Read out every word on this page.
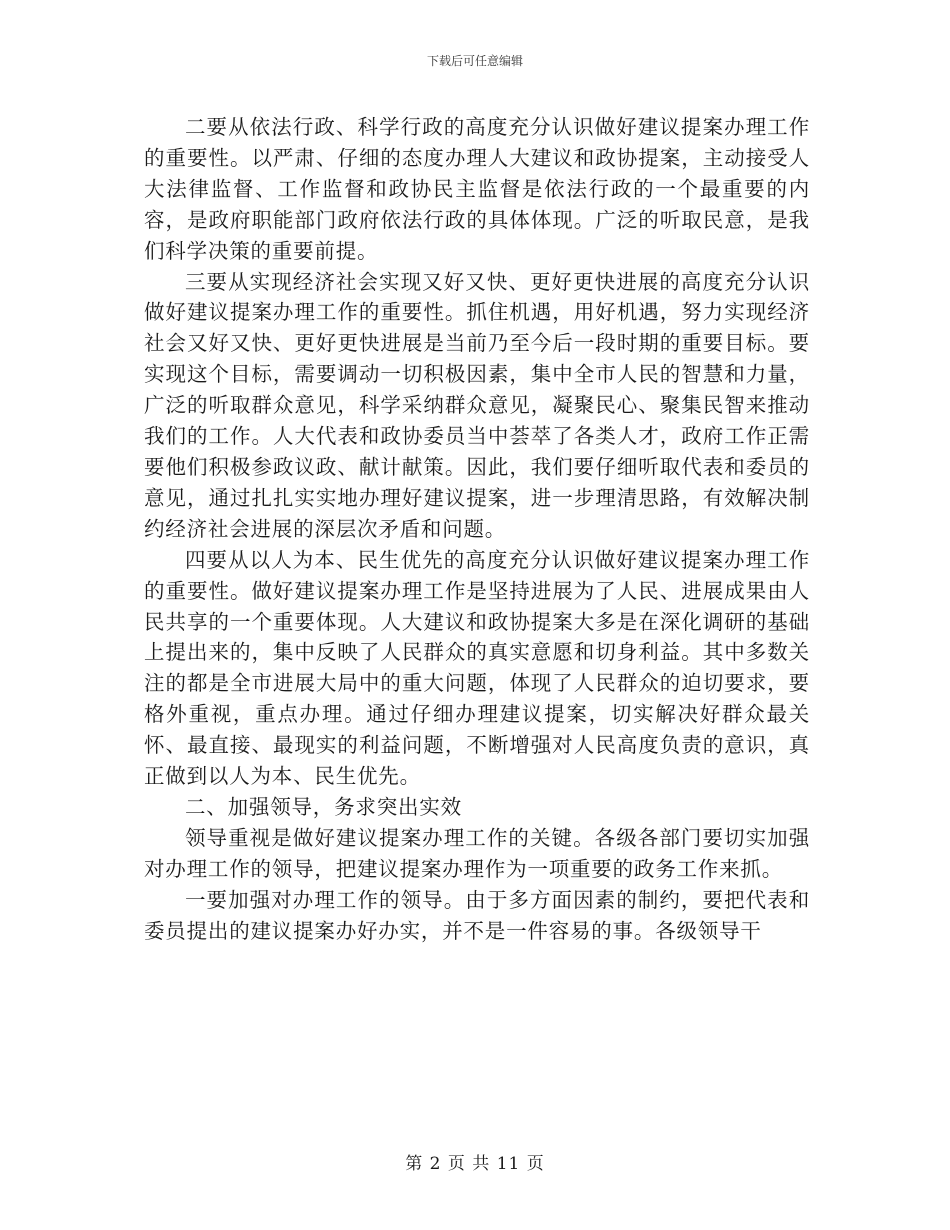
下载后可任意编辑

二要从依法行政、科学行政的高度充分认识做好建议提案办理工作的重要性。以严肃、仔细的态度办理人大建议和政协提案，主动接受人大法律监督、工作监督和政协民主监督是依法行政的一个最重要的内容，是政府职能部门政府依法行政的具体体现。广泛的听取民意，是我们科学决策的重要前提。

三要从实现经济社会实现又好又快、更好更快进展的高度充分认识做好建议提案办理工作的重要性。抓住机遇，用好机遇，努力实现经济社会又好又快、更好更快进展是当前乃至今后一段时期的重要目标。要实现这个目标，需要调动一切积极因素，集中全市人民的智慧和力量，广泛的听取群众意见，科学采纳群众意见，凝聚民心、聚集民智来推动我们的工作。人大代表和政协委员当中荟萃了各类人才，政府工作正需要他们积极参政议政、献计献策。因此，我们要仔细听取代表和委员的意见，通过扎扎实实地办理好建议提案，进一步理清思路，有效解决制约经济社会进展的深层次矛盾和问题。

四要从以人为本、民生优先的高度充分认识做好建议提案办理工作的重要性。做好建议提案办理工作是坚持进展为了人民、进展成果由人民共享的一个重要体现。人大建议和政协提案大多是在深化调研的基础上提出来的，集中反映了人民群众的真实意愿和切身利益。其中多数关注的都是全市进展大局中的重大问题，体现了人民群众的迫切要求，要格外重视，重点办理。通过仔细办理建议提案，切实解决好群众最关怀、最直接、最现实的利益问题，不断增强对人民高度负责的意识，真正做到以人为本、民生优先。

二、加强领导，务求突出实效

领导重视是做好建议提案办理工作的关键。各级各部门要切实加强对办理工作的领导，把建议提案办理作为一项重要的政务工作来抓。

一要加强对办理工作的领导。由于多方面因素的制约，要把代表和委员提出的建议提案办好办实，并不是一件容易的事。各级领导干

第 2 页 共 11 页
